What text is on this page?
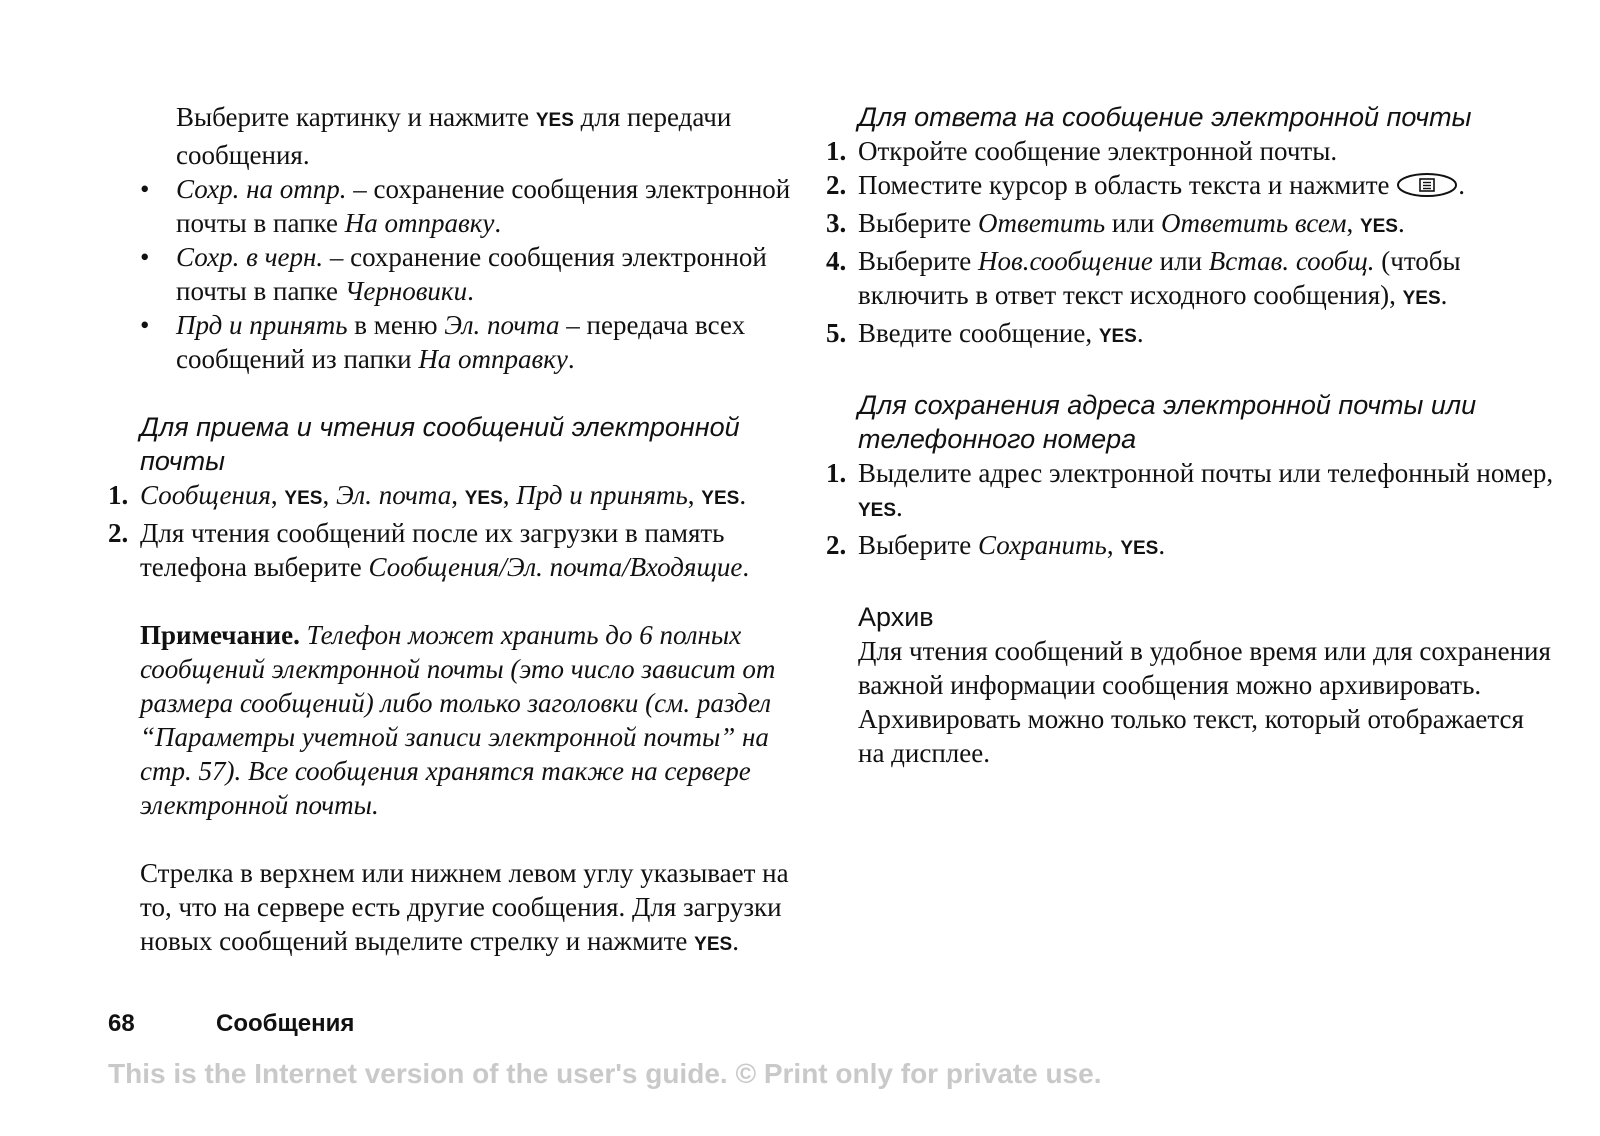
Выберите картинку и нажмите YES для передачи сообщения.
• Сохр. на отпр. – сохранение сообщения электронной почты в папке На отправку.
• Сохр. в черн. – сохранение сообщения электронной почты в папке Черновики.
• Прд и принять в меню Эл. почта – передача всех сообщений из папки На отправку.
Для приема и чтения сообщений электронной почты
1. Сообщения, YES, Эл. почта, YES, Прд и принять, YES.
2. Для чтения сообщений после их загрузки в память телефона выберите Сообщения/Эл. почта/Входящие.
Примечание. Телефон может хранить до 6 полных сообщений электронной почты (это число зависит от размера сообщений) либо только заголовки (см. раздел “Параметры учетной записи электронной почты” на стр. 57). Все сообщения хранятся также на сервере электронной почты.
Стрелка в верхнем или нижнем левом углу указывает на то, что на сервере есть другие сообщения. Для загрузки новых сообщений выделите стрелку и нажмите YES.
Для ответа на сообщение электронной почты
1. Откройте сообщение электронной почты.
2. Поместите курсор в область текста и нажмите .
3. Выберите Ответить или Ответить всем, YES.
4. Выберите Нов.сообщение или Встав. сообщ. (чтобы включить в ответ текст исходного сообщения), YES.
5. Введите сообщение, YES.
Для сохранения адреса электронной почты или телефонного номера
1. Выделите адрес электронной почты или телефонный номер, YES.
2. Выберите Сохранить, YES.
Архив
Для чтения сообщений в удобное время или для сохранения важной информации сообщения можно архивировать. Архивировать можно только текст, который отображается на дисплее.
68	Сообщения
This is the Internet version of the user's guide. © Print only for private use.
